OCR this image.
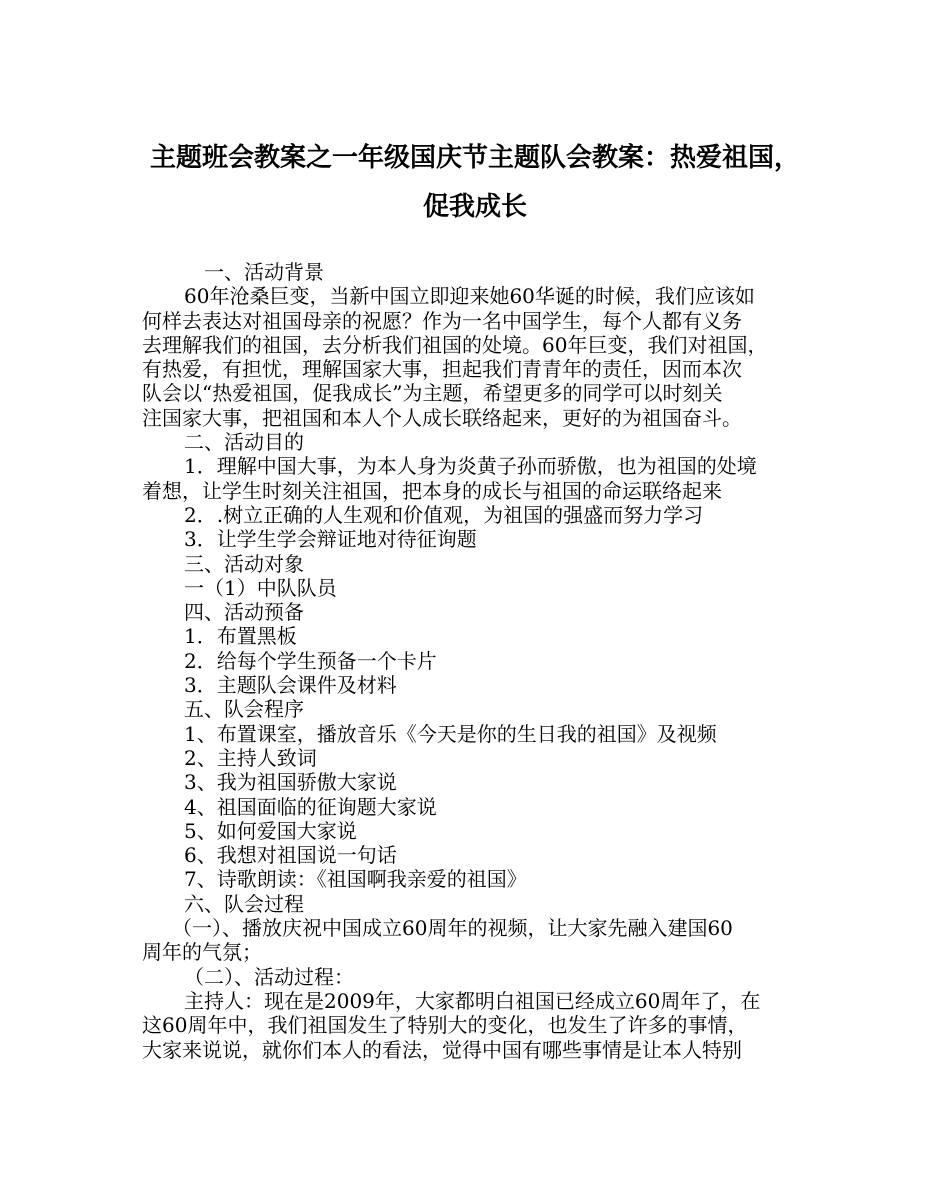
主题班会教案之一年级国庆节主题队会教案：热爱祖国，
促我成长
一、活动背景
60年沧桑巨变，当新中国立即迎来她60华诞的时候，我们应该如
何样去表达对祖国母亲的祝愿？作为一名中国学生，每个人都有义务
去理解我们的祖国，去分析我们祖国的处境。60年巨变，我们对祖国，
有热爱，有担忧，理解国家大事，担起我们青青年的责任，因而本次
队会以“热爱祖国，促我成长”为主题，希望更多的同学可以时刻关
注国家大事，把祖国和本人个人成长联络起来，更好的为祖国奋斗。
二、活动目的
1．理解中国大事，为本人身为炎黄子孙而骄傲，也为祖国的处境
着想，让学生时刻关注祖国，把本身的成长与祖国的命运联络起来
2．.树立正确的人生观和价值观，为祖国的强盛而努力学习
3．让学生学会辩证地对待征询题
三、活动对象
一（1）中队队员
四、活动预备
1．布置黑板
2．给每个学生预备一个卡片
3．主题队会课件及材料
五、队会程序
1、布置课室，播放音乐《今天是你的生日我的祖国》及视频
2、主持人致词
3、我为祖国骄傲大家说
4、祖国面临的征询题大家说
5、如何爱国大家说
6、我想对祖国说一句话
7、诗歌朗读：《祖国啊我亲爱的祖国》
六、队会过程
（一）、播放庆祝中国成立60周年的视频，让大家先融入建国60
周年的气氛；
（二）、活动过程：
主持人：现在是2009年，大家都明白祖国已经成立60周年了，在
这60周年中，我们祖国发生了特别大的变化，也发生了许多的事情，
大家来说说，就你们本人的看法，觉得中国有哪些事情是让本人特别
